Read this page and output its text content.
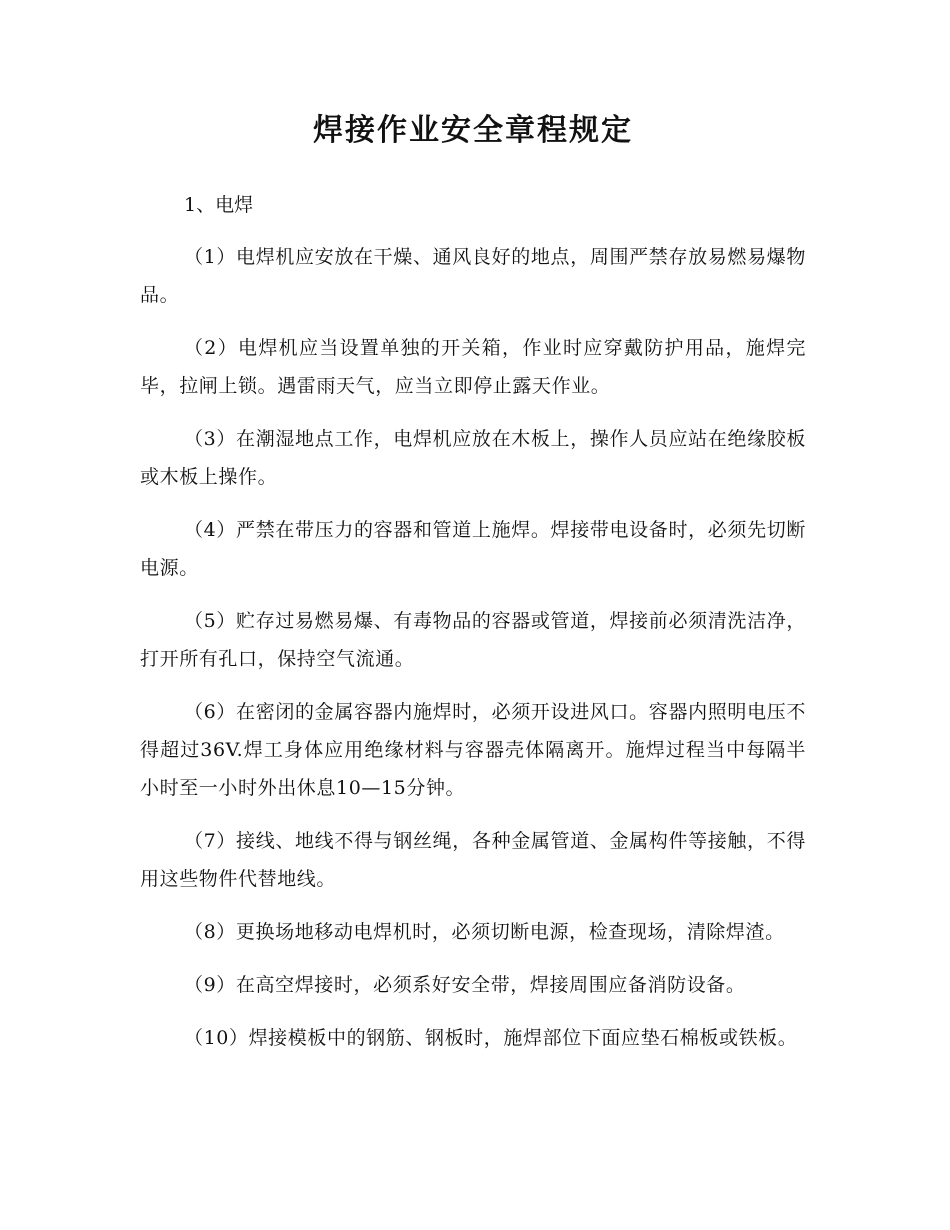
焊接作业安全章程规定

1、电焊

（1）电焊机应安放在干燥、通风良好的地点，周围严禁存放易燃易爆物品。

（2）电焊机应当设置单独的开关箱，作业时应穿戴防护用品，施焊完毕，拉闸上锁。遇雷雨天气，应当立即停止露天作业。

（3）在潮湿地点工作，电焊机应放在木板上，操作人员应站在绝缘胶板或木板上操作。

（4）严禁在带压力的容器和管道上施焊。焊接带电设备时，必须先切断电源。

（5）贮存过易燃易爆、有毒物品的容器或管道，焊接前必须清洗洁净，打开所有孔口，保持空气流通。

（6）在密闭的金属容器内施焊时，必须开设进风口。容器内照明电压不得超过36V.焊工身体应用绝缘材料与容器壳体隔离开。施焊过程当中每隔半小时至一小时外出休息10—15分钟。

（7）接线、地线不得与钢丝绳，各种金属管道、金属构件等接触，不得用这些物件代替地线。

（8）更换场地移动电焊机时，必须切断电源，检查现场，清除焊渣。

（9）在高空焊接时，必须系好安全带，焊接周围应备消防设备。

（10）焊接模板中的钢筋、钢板时，施焊部位下面应垫石棉板或铁板。
